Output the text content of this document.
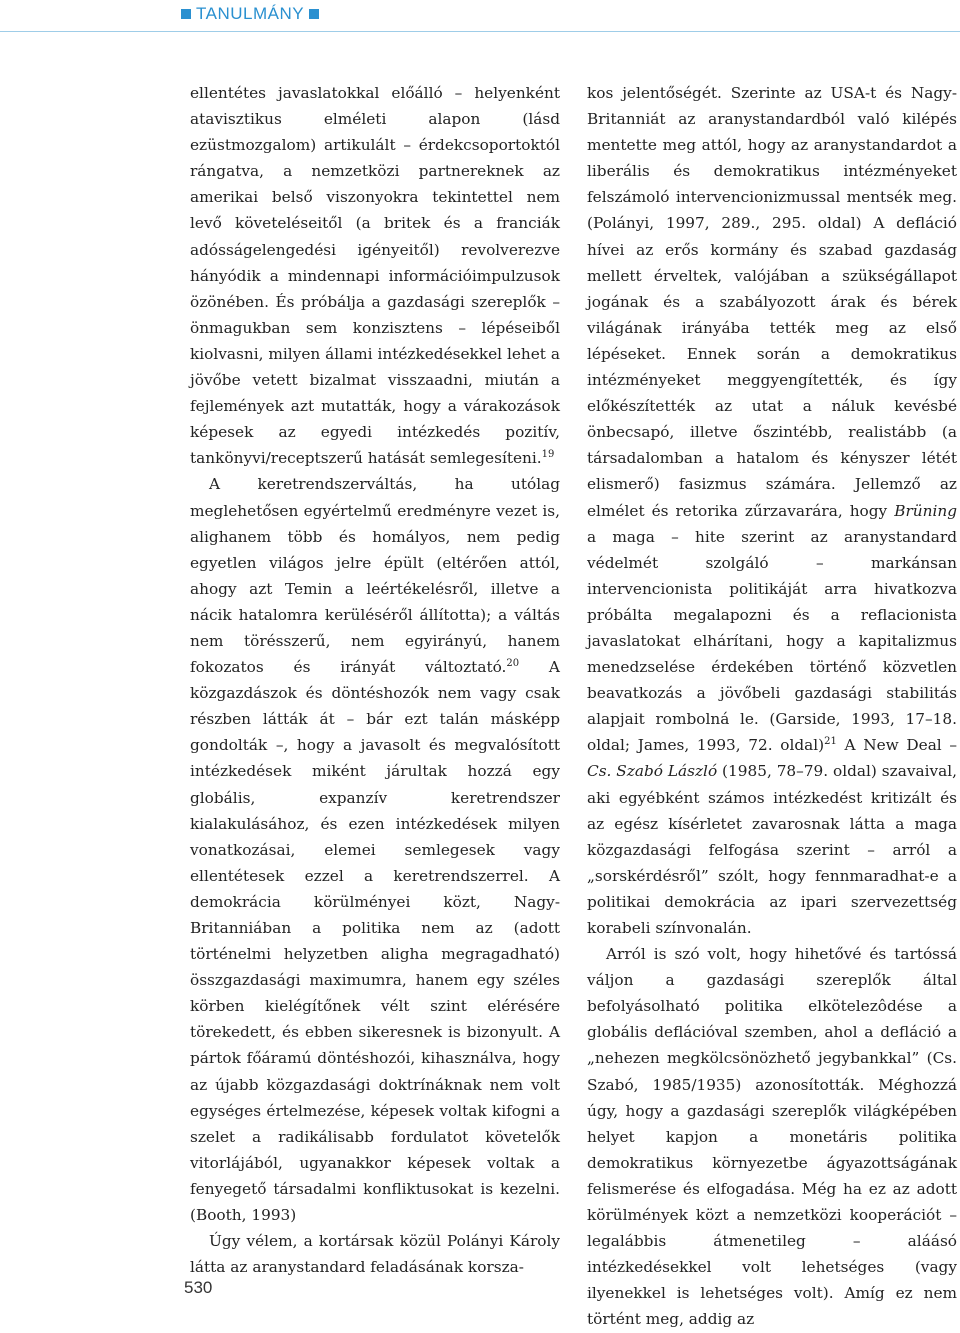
TANULMÁNY

ellentétes javaslatokkal előálló – helyenként atavisztikus elméleti alapon (lásd ezüstmozgalom) artikulált – érdekcsoportoktól rángatva, a nemzetközi partnereknek az amerikai belső viszonyokra tekintettel nem levő követeléseitől (a britek és a franciák adósságelengedési igényeitől) revolverezve hányódik a mindennapi információimpulzusok özönében. És próbálja a gazdasági szereplők – önmagukban sem konzisztens – lépéseiből kiolvasni, milyen állami intézkedésekkel lehet a jövőbe vetett bizalmat visszaadni, miután a fejlemények azt mutatták, hogy a várakozások képesek az egyedi intézkedés pozitív, tankönyvi/receptszerű hatását semlegesíteni.$^{19}$

A keretrendszerváltás, ha utólag meglehetősen egyértelmű eredményre vezet is, alighanem több és homályos, nem pedig egyetlen világos jelre épült (eltérően attól, ahogy azt Temin a leértékelésről, illetve a nácik hatalomra kerüléséről állította); a váltás nem törésszerű, nem egyirányú, hanem fokozatos és irányát változtató.$^{20}$ A közgazdászok és döntéshozók nem vagy csak részben látták át – bár ezt talán másképp gondolták –, hogy a javasolt és megvalósított intézkedések miként járultak hozzá egy globális, expanzív keretrendszer kialakulásához, és ezen intézkedések milyen vonatkozásai, elemei semlegesek vagy ellentétesek ezzel a keretrendszerrel. A demokrácia körülményei közt, Nagy-Britanniában a politika nem az (adott történelmi helyzetben aligha megragadható) összgazdasági maximumra, hanem egy széles körben kielégítőnek vélt szint elérésére törekedett, és ebben sikeresnek is bizonyult. A pártok főáramú döntéshozói, kihasználva, hogy az újabb közgazdasági doktrínáknak nem volt egységes értelmezése, képesek voltak kifogni a szelet a radikálisabb fordulatot követelők vitorlájából, ugyanakkor képesek voltak a fenyegető társadalmi konfliktusokat is kezelni. (Booth, 1993)

Úgy vélem, a kortársak közül Polányi Károly látta az aranystandard feladásának korsza-

kos jelentőségét. Szerinte az USA-t és Nagy-Britanniát az aranystandardból való kilépés mentette meg attól, hogy az aranystandardot a liberális és demokratikus intézményeket felszámoló intervencionizmussal mentsék meg. (Polányi, 1997, 289., 295. oldal) A defláció hívei az erős kormány és szabad gazdaság mellett érveltek, valójában a szükségállapot jogának és a szabályozott árak és bérek világának irányába tették meg az első lépéseket. Ennek során a demokratikus intézményeket meggyengítették, és így előkészítették az utat a náluk kevésbé önbecsapó, illetve őszintébb, realistább (a társadalomban a hatalom és kényszer létét elismerő) fasizmus számára. Jellemző az elmélet és retorika zűrzavarára, hogy Brüning a maga – hite szerint az aranystandard védelmét szolgáló – markánsan intervencionista politikáját arra hivatkozva próbálta megalapozni és a reflacionista javaslatokat elhárítani, hogy a kapitalizmus menedzselése érdekében történő közvetlen beavatkozás a jövőbeli gazdasági stabilitás alapjait rombolná le. (Garside, 1993, 17–18. oldal; James, 1993, 72. oldal)$^{21}$ A New Deal – Cs. Szabó László (1985, 78–79. oldal) szavaival, aki egyébként számos intézkedést kritizált és az egész kísérletet zavarosnak látta a maga közgazdasági felfogása szerint – arról a „sorskérdésről” szólt, hogy fennmaradhat-e a politikai demokrácia az ipari szervezettség korabeli színvonalán.

Arról is szó volt, hogy hihetővé és tartóssá váljon a gazdasági szereplők által befolyásolható politika elkötelezôdése a globális deflációval szemben, ahol a defláció a „nehezen megkölcsönözhető jegybankkal” (Cs. Szabó, 1985/1935) azonosították. Méghozzá úgy, hogy a gazdasági szereplők világképében helyet kapjon a monetáris politika demokratikus környezetbe ágyazottságának felismerése és elfogadása. Még ha ez az adott körülmények közt a nemzetközi kooperációt – legalábbis átmenetileg – aláásó intézkedésekkel volt lehetséges (vagy ilyenekkel is lehetséges volt). Amíg ez nem történt meg, addig az

530
